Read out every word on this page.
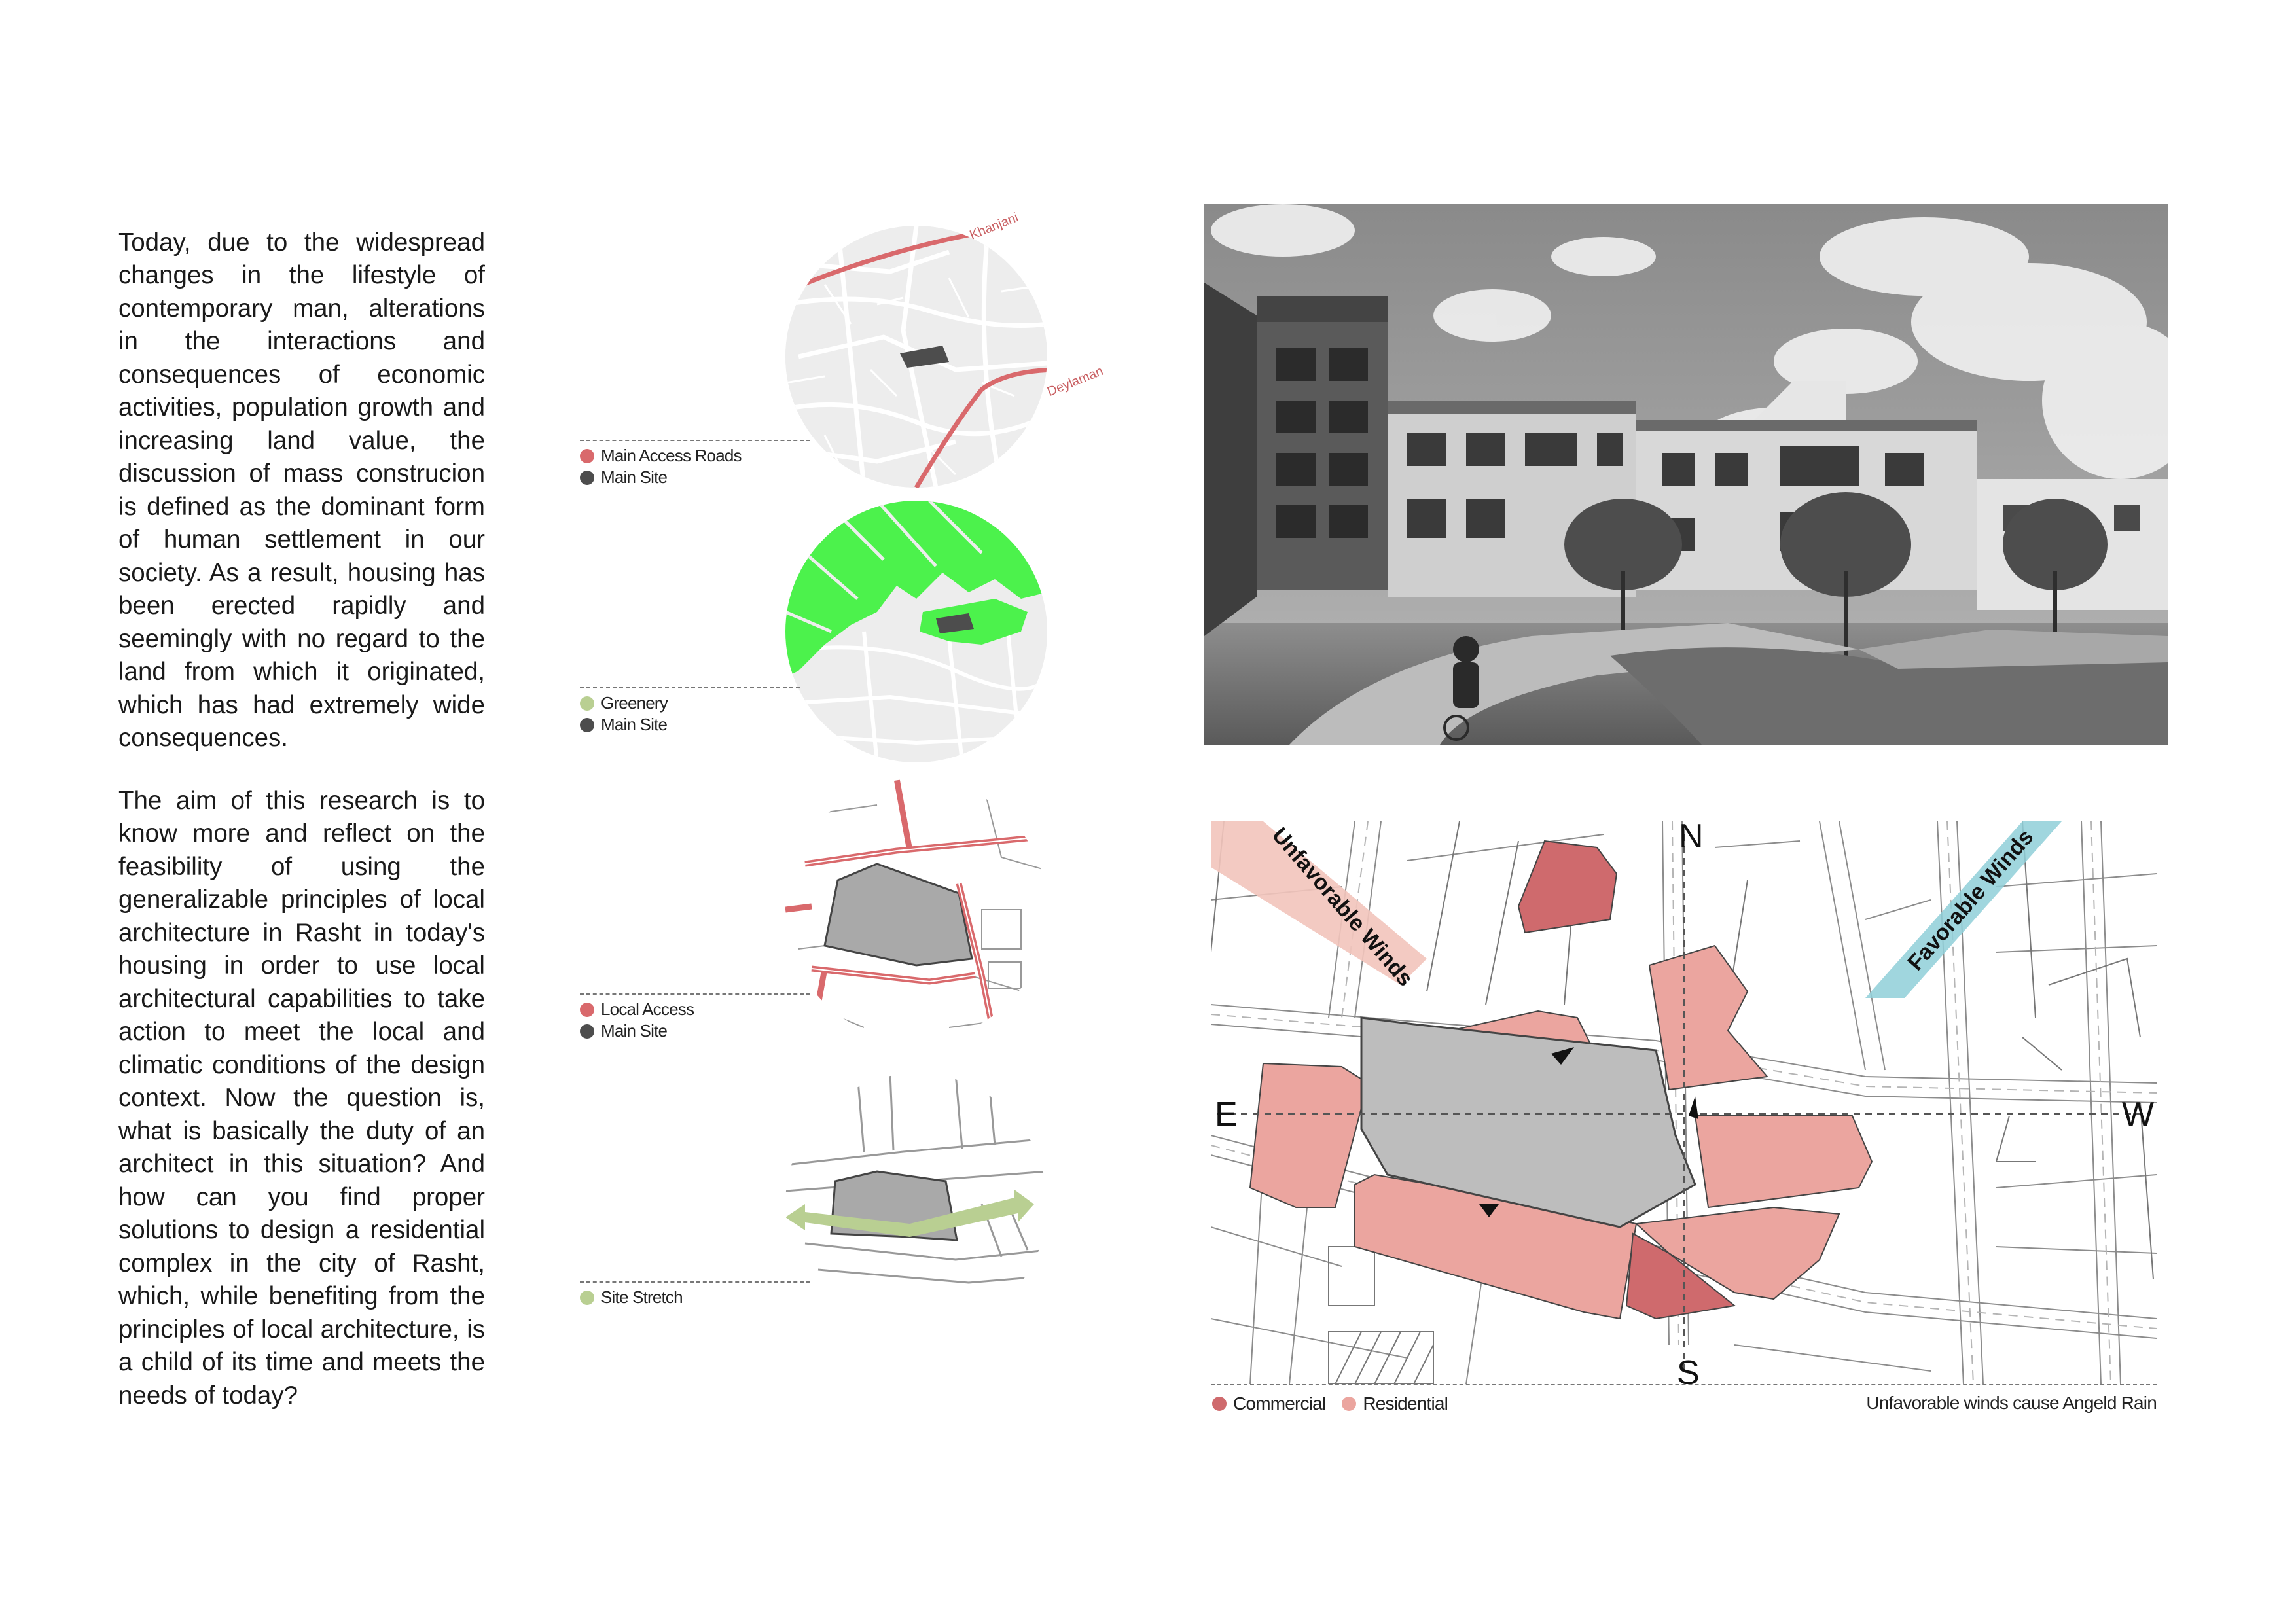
Today, due to the widespread changes in the lifestyle of contemporary man, alterations in the interactions and consequences of economic activities, population growth and increasing land value, the discussion of mass construcion is defined as the dominant form of human settlement in our society. As a result, housing has been erected rapidly and seemingly with no regard to the land from which it originated, which has had extremely wide consequences.

The aim of this research is to know more and reflect on the feasibility of using the generalizable principles of local architecture in Rasht in today's housing in order to use local architectural capabilities to take action to meet the local and climatic conditions of the design context. Now the question is, what is basically the duty of an architect in this situation? And how can you find proper solutions to design a residential complex in the city of Rasht, which, while benefiting from the principles of local architecture, is a child of its time and meets the needs of today?

Khanjani
Deylaman
Main Access Roads
Main Site
Greenery
Main Site
Local Access
Main Site
Site Stretch
N
S
E	W
Unfavorable Winds	Favorable Winds
Commercial
Residential	Unfavorable winds cause Angeld Rain
